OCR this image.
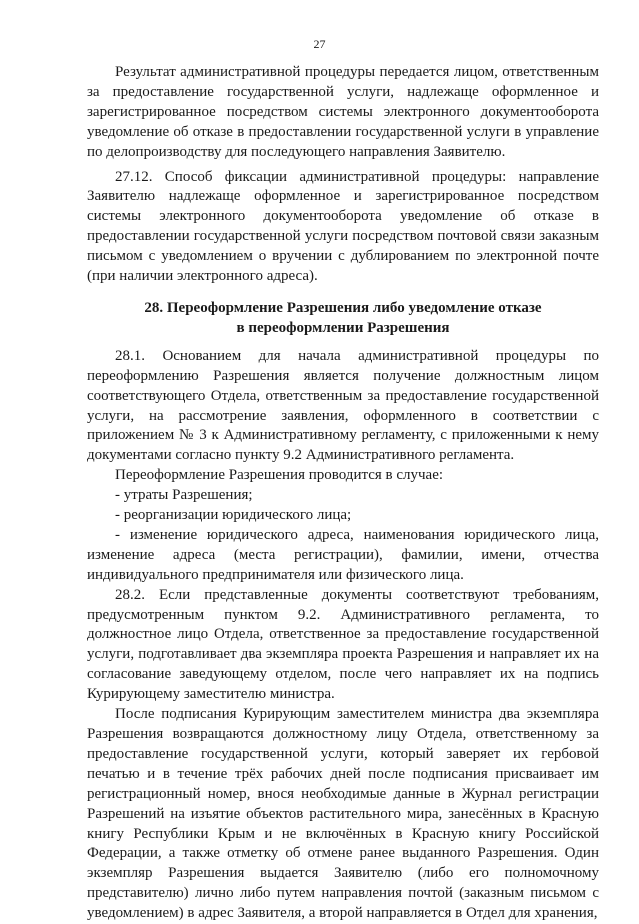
27

Результат административной процедуры передается лицом, ответственным за предоставление государственной услуги, надлежаще оформленное и зарегистрированное посредством системы электронного документооборота уведомление об отказе в предоставлении государственной услуги в управление по делопроизводству для последующего направления Заявителю.

27.12. Способ фиксации административной процедуры: направление Заявителю надлежаще оформленное и зарегистрированное посредством системы электронного документооборота уведомление об отказе в предоставлении государственной услуги посредством почтовой связи заказным письмом с уведомлением о вручении с дублированием по электронной почте (при наличии электронного адреса).

28. Переоформление Разрешения либо уведомление отказе
в переоформлении Разрешения

28.1. Основанием для начала административной процедуры по переоформлению Разрешения является получение должностным лицом соответствующего Отдела, ответственным за предоставление государственной услуги, на рассмотрение заявления, оформленного в соответствии с приложением № 3 к Административному регламенту, с приложенными к нему документами согласно пункту 9.2 Административного регламента.

Переоформление Разрешения проводится в случае:

- утраты Разрешения;

- реорганизации юридического лица;

- изменение юридического адреса, наименования юридического лица, изменение адреса (места регистрации), фамилии, имени, отчества индивидуального предпринимателя или физического лица.

28.2. Если представленные документы соответствуют требованиям, предусмотренным пунктом 9.2. Административного регламента, то должностное лицо Отдела, ответственное за предоставление государственной услуги, подготавливает два экземпляра проекта Разрешения и направляет их на согласование заведующему отделом, после чего направляет их на подпись Курирующему заместителю министра.

После подписания Курирующим заместителем министра два экземпляра Разрешения возвращаются должностному лицу Отдела, ответственному за предоставление государственной услуги, который заверяет их гербовой печатью и в течение трёх рабочих дней после подписания присваивает им регистрационный номер, внося необходимые данные в Журнал регистрации Разрешений на изъятие объектов растительного мира, занесённых в Красную книгу Республики Крым и не включённых в Красную книгу Российской Федерации, а также отметку об отмене ранее выданного Разрешения. Один экземпляр Разрешения выдается Заявителю (либо его полномочному представителю) лично либо путем направления почтой (заказным письмом с уведомлением) в адрес Заявителя, а второй направляется в Отдел для хранения,
